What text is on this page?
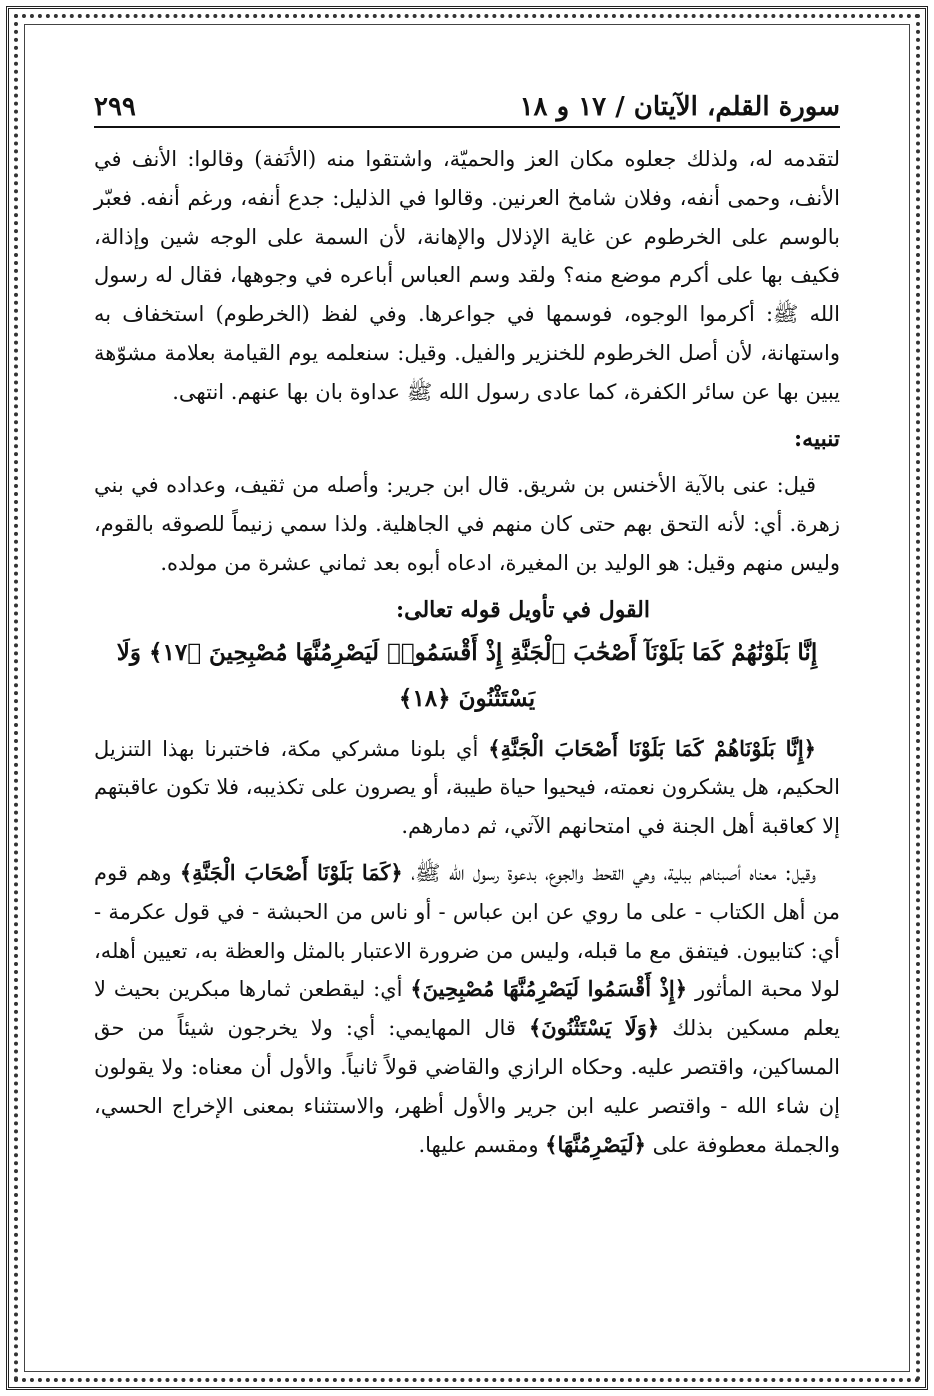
سورة القلم، الآيتان / ١٧ و ١٨
٢٩٩

لتقدمه له، ولذلك جعلوه مكان العز والحميّة، واشتقوا منه (الأنَفة) وقالوا: الأنف في الأنف، وحمى أنفه، وفلان شامخ العرنين. وقالوا في الذليل: جدع أنفه، ورغم أنفه. فعبّر بالوسم على الخرطوم عن غاية الإذلال والإهانة، لأن السمة على الوجه شين وإذالة، فكيف بها على أكرم موضع منه؟ ولقد وسم العباس أباعره في وجوهها، فقال له رسول الله ﷺ: أكرموا الوجوه، فوسمها في جواعرها. وفي لفظ (الخرطوم) استخفاف به واستهانة، لأن أصل الخرطوم للخنزير والفيل. وقيل: سنعلمه يوم القيامة بعلامة مشوّهة يبين بها عن سائر الكفرة، كما عادى رسول الله ﷺ عداوة بان بها عنهم. انتهى.

تنبيه:

قيل: عنى بالآية الأخنس بن شريق. قال ابن جرير: وأصله من ثقيف، وعداده في بني زهرة. أي: لأنه التحق بهم حتى كان منهم في الجاهلية. ولذا سمي زنيماً للصوقه بالقوم، وليس منهم وقيل: هو الوليد بن المغيرة، ادعاه أبوه بعد ثماني عشرة من مولده.

القول في تأويل قوله تعالى:

إِنَّا بَلَوْنَٰهُمْ كَمَا بَلَوْنَآ أَصْحَٰبَ ٱلْجَنَّةِ إِذْ أَقْسَمُوا۟ لَيَصْرِمُنَّهَا مُصْبِحِينَ ﴿١٧﴾ وَلَا يَسْتَثْنُونَ ﴿١٨﴾

﴿إِنَّا بَلَوْنَاهُمْ كَمَا بَلَوْنَا أَصْحَابَ الْجَنَّةِ﴾ أي بلونا مشركي مكة، فاختبرنا بهذا التنزيل الحكيم، هل يشكرون نعمته، فيحيوا حياة طيبة، أو يصرون على تكذيبه، فلا تكون عاقبتهم إلا كعاقبة أهل الجنة في امتحانهم الآتي، ثم دمارهم.

وقيل: معناه أصبناهم ببلية، وهي القحط والجوع، بدعوة رسول الله ﷺ، ﴿كَمَا بَلَوْنَا أَصْحَابَ الْجَنَّةِ﴾ وهم قوم من أهل الكتاب - على ما روي عن ابن عباس - أو ناس من الحبشة - في قول عكرمة - أي: كتابيون. فيتفق مع ما قبله، وليس من ضرورة الاعتبار بالمثل والعظة به، تعيين أهله، لولا محبة المأثور ﴿إِذْ أَقْسَمُوا لَيَصْرِمُنَّهَا مُصْبِحِينَ﴾ أي: ليقطعن ثمارها مبكرين بحيث لا يعلم مسكين بذلك ﴿وَلَا يَسْتَثْنُونَ﴾ قال المهايمي: أي: ولا يخرجون شيئاً من حق المساكين، واقتصر عليه. وحكاه الرازي والقاضي قولاً ثانياً. والأول أن معناه: ولا يقولون إن شاء الله - واقتصر عليه ابن جرير والأول أظهر، والاستثناء بمعنى الإخراج الحسي، والجملة معطوفة على ﴿لَيَصْرِمُنَّهَا﴾ ومقسم عليها.
